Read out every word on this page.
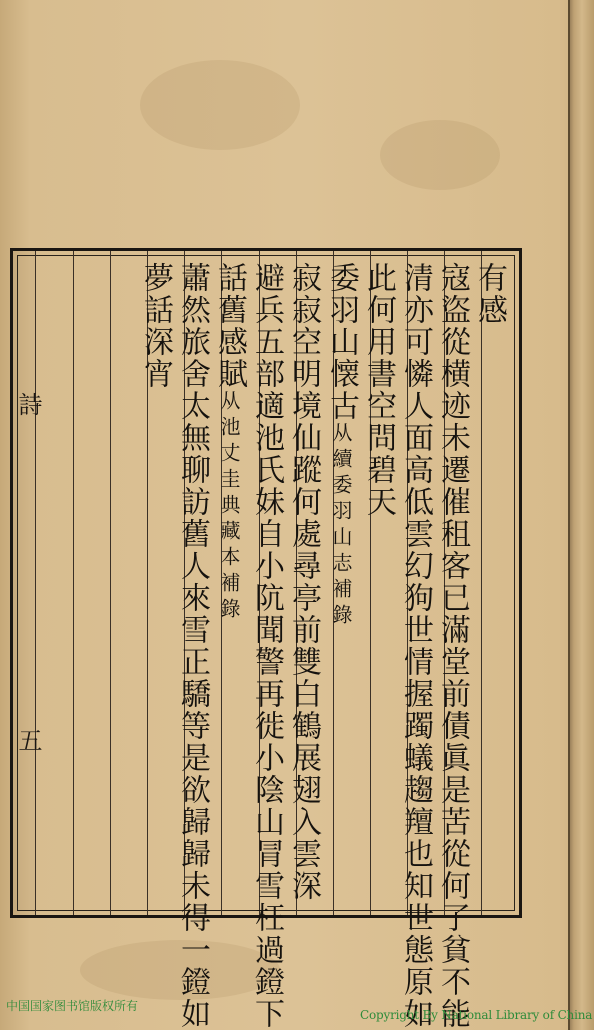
詩
五
有感
寇盜從横迹未遷催租客已滿堂前債眞是苦從何了貧不能
清亦可憐人面高低雲幻狗世情握躅蟻趨羶也知世態原如
此何用書空問碧天
委羽山懐古从續委羽山志補錄
寂寂空明境仙蹤何處尋亭前雙白鶴展翅入雲深
避兵五部適池氏妹自小阬聞警再徙小陰山冐雪枉過鐙下
話舊感賦从池丈圭典藏本補錄
蕭然旅舍太無聊訪舊人來雪正驕等是欲歸歸未得一鐙如
夢話深宵
中国国家图书馆版权所有
Copyright By National Library of China
